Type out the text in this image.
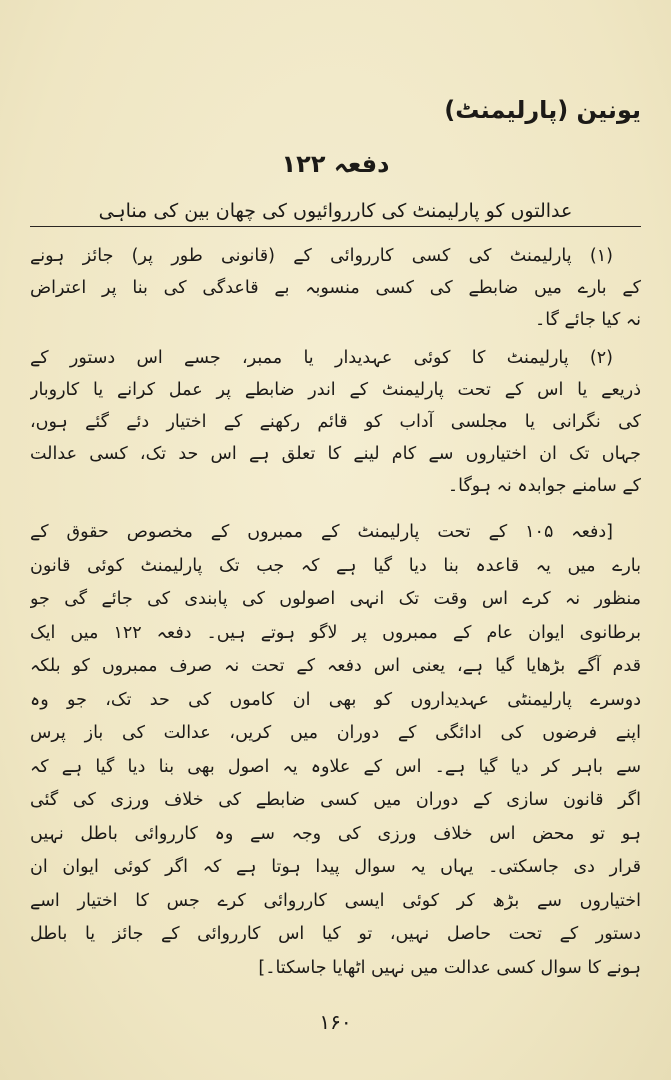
یونین (پارلیمنٹ)
دفعہ ۱۲۲
عدالتوں کو پارلیمنٹ کی کارروائیوں کی چھان بین کی مناہی
(۱) پارلیمنٹ کی کسی کارروائی کے (قانونی طور پر) جائز ہونے
کے بارے میں ضابطے کی کسی منسوبہ بے قاعدگی کی بنا پر اعتراض
نہ کیا جائے گا۔
(۲) پارلیمنٹ کا کوئی عہدیدار یا ممبر، جسے اس دستور کے
ذریعے یا اس کے تحت پارلیمنٹ کے اندر ضابطے پر عمل کرانے یا کاروبار
کی نگرانی یا مجلسی آداب کو قائم رکھنے کے اختیار دئے گئے ہوں،
جہاں تک ان اختیاروں سے کام لینے کا تعلق ہے اس حد تک، کسی عدالت
کے سامنے جوابدہ نہ ہوگا۔
[دفعہ ۱۰۵ کے تحت پارلیمنٹ کے ممبروں کے مخصوص حقوق کے
بارے میں یہ قاعدہ بنا دیا گیا ہے کہ جب تک پارلیمنٹ کوئی قانون
منظور نہ کرے اس وقت تک انہی اصولوں کی پابندی کی جائے گی جو
برطانوی ایوان عام کے ممبروں پر لاگو ہوتے ہیں۔ دفعہ ۱۲۲ میں ایک
قدم آگے بڑھایا گیا ہے، یعنی اس دفعہ کے تحت نہ صرف ممبروں کو بلکہ
دوسرے پارلیمنٹی عہدیداروں کو بھی ان کاموں کی حد تک، جو وہ
اپنے فرضوں کی ادائگی کے دوران میں کریں، عدالت کی باز پرس
سے باہر کر دیا گیا ہے۔ اس کے علاوہ یہ اصول بھی بنا دیا گیا ہے کہ
اگر قانون سازی کے دوران میں کسی ضابطے کی خلاف ورزی کی گئی
ہو تو محض اس خلاف ورزی کی وجہ سے وہ کارروائی باطل نہیں
قرار دی جاسکتی۔ یہاں یہ سوال پیدا ہوتا ہے کہ اگر کوئی ایوان ان
اختیاروں سے بڑھ کر کوئی ایسی کارروائی کرے جس کا اختیار اسے
دستور کے تحت حاصل نہیں، تو کیا اس کارروائی کے جائز یا باطل
ہونے کا سوال کسی عدالت میں نہیں اٹھایا جاسکتا۔]
۱۶۰
